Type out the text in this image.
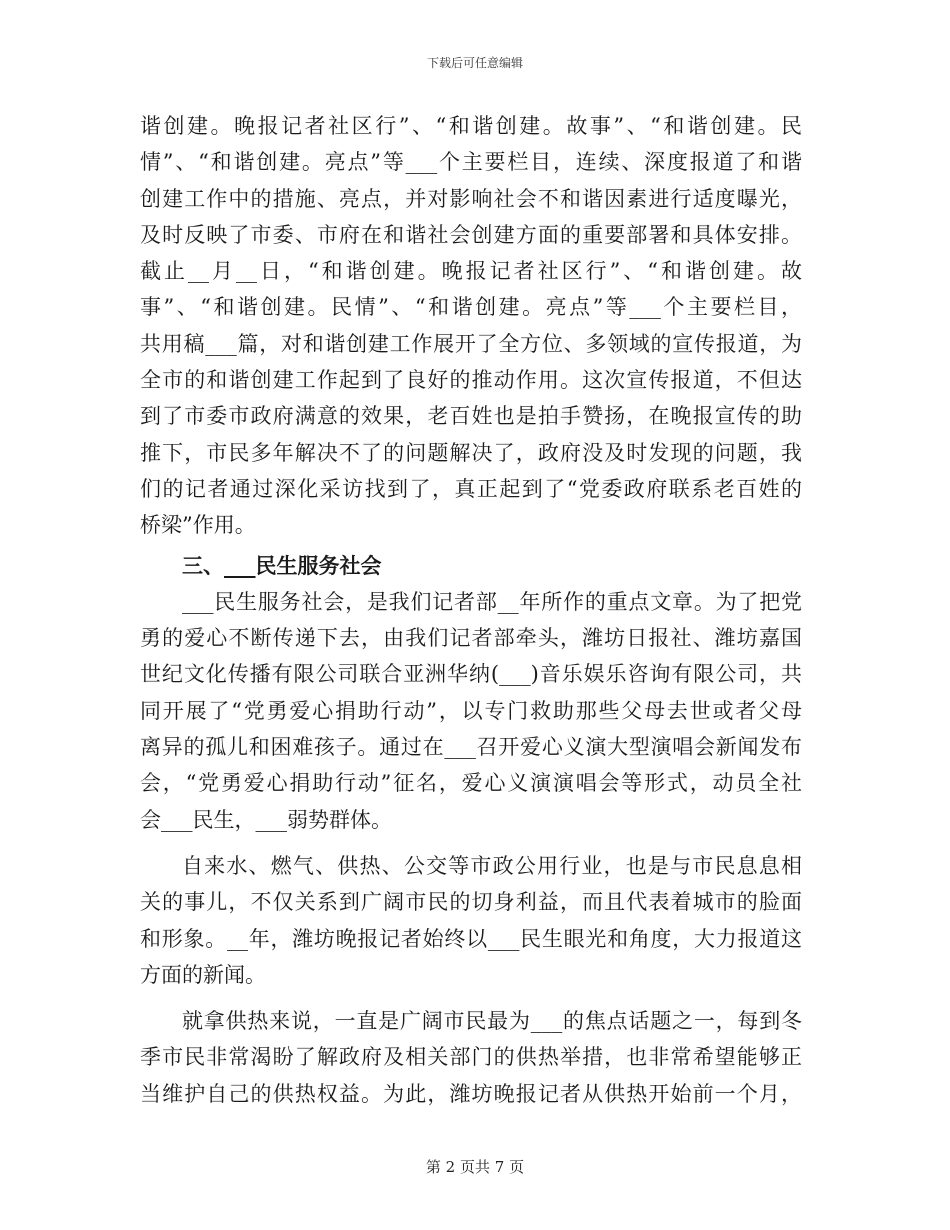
下载后可任意编辑
谐创建。晚报记者社区行”、“和谐创建。故事”、“和谐创建。民
情”、“和谐创建。亮点”等___个主要栏目，连续、深度报道了和谐
创建工作中的措施、亮点，并对影响社会不和谐因素进行适度曝光，
及时反映了市委、市府在和谐社会创建方面的重要部署和具体安排。
截止__月__日，“和谐创建。晚报记者社区行”、“和谐创建。故
事”、“和谐创建。民情”、“和谐创建。亮点”等___个主要栏目，
共用稿___篇，对和谐创建工作展开了全方位、多领域的宣传报道，为
全市的和谐创建工作起到了良好的推动作用。这次宣传报道，不但达
到了市委市政府满意的效果，老百姓也是拍手赞扬，在晚报宣传的助
推下，市民多年解决不了的问题解决了，政府没及时发现的问题，我
们的记者通过深化采访找到了，真正起到了“党委政府联系老百姓的
桥梁”作用。
三、___民生服务社会
___民生服务社会，是我们记者部__年所作的重点文章。为了把党
勇的爱心不断传递下去，由我们记者部牵头，潍坊日报社、潍坊嘉国
世纪文化传播有限公司联合亚洲华纳(___)音乐娱乐咨询有限公司，共
同开展了“党勇爱心捐助行动”，以专门救助那些父母去世或者父母
离异的孤儿和困难孩子。通过在___召开爱心义演大型演唱会新闻发布
会，“党勇爱心捐助行动”征名，爱心义演演唱会等形式，动员全社
会___民生，___弱势群体。
自来水、燃气、供热、公交等市政公用行业，也是与市民息息相
关的事儿，不仅关系到广阔市民的切身利益，而且代表着城市的脸面
和形象。__年，潍坊晚报记者始终以___民生眼光和角度，大力报道这
方面的新闻。
就拿供热来说，一直是广阔市民最为___的焦点话题之一，每到冬
季市民非常渴盼了解政府及相关部门的供热举措，也非常希望能够正
当维护自己的供热权益。为此，潍坊晚报记者从供热开始前一个月，
第 2 页共 7 页
